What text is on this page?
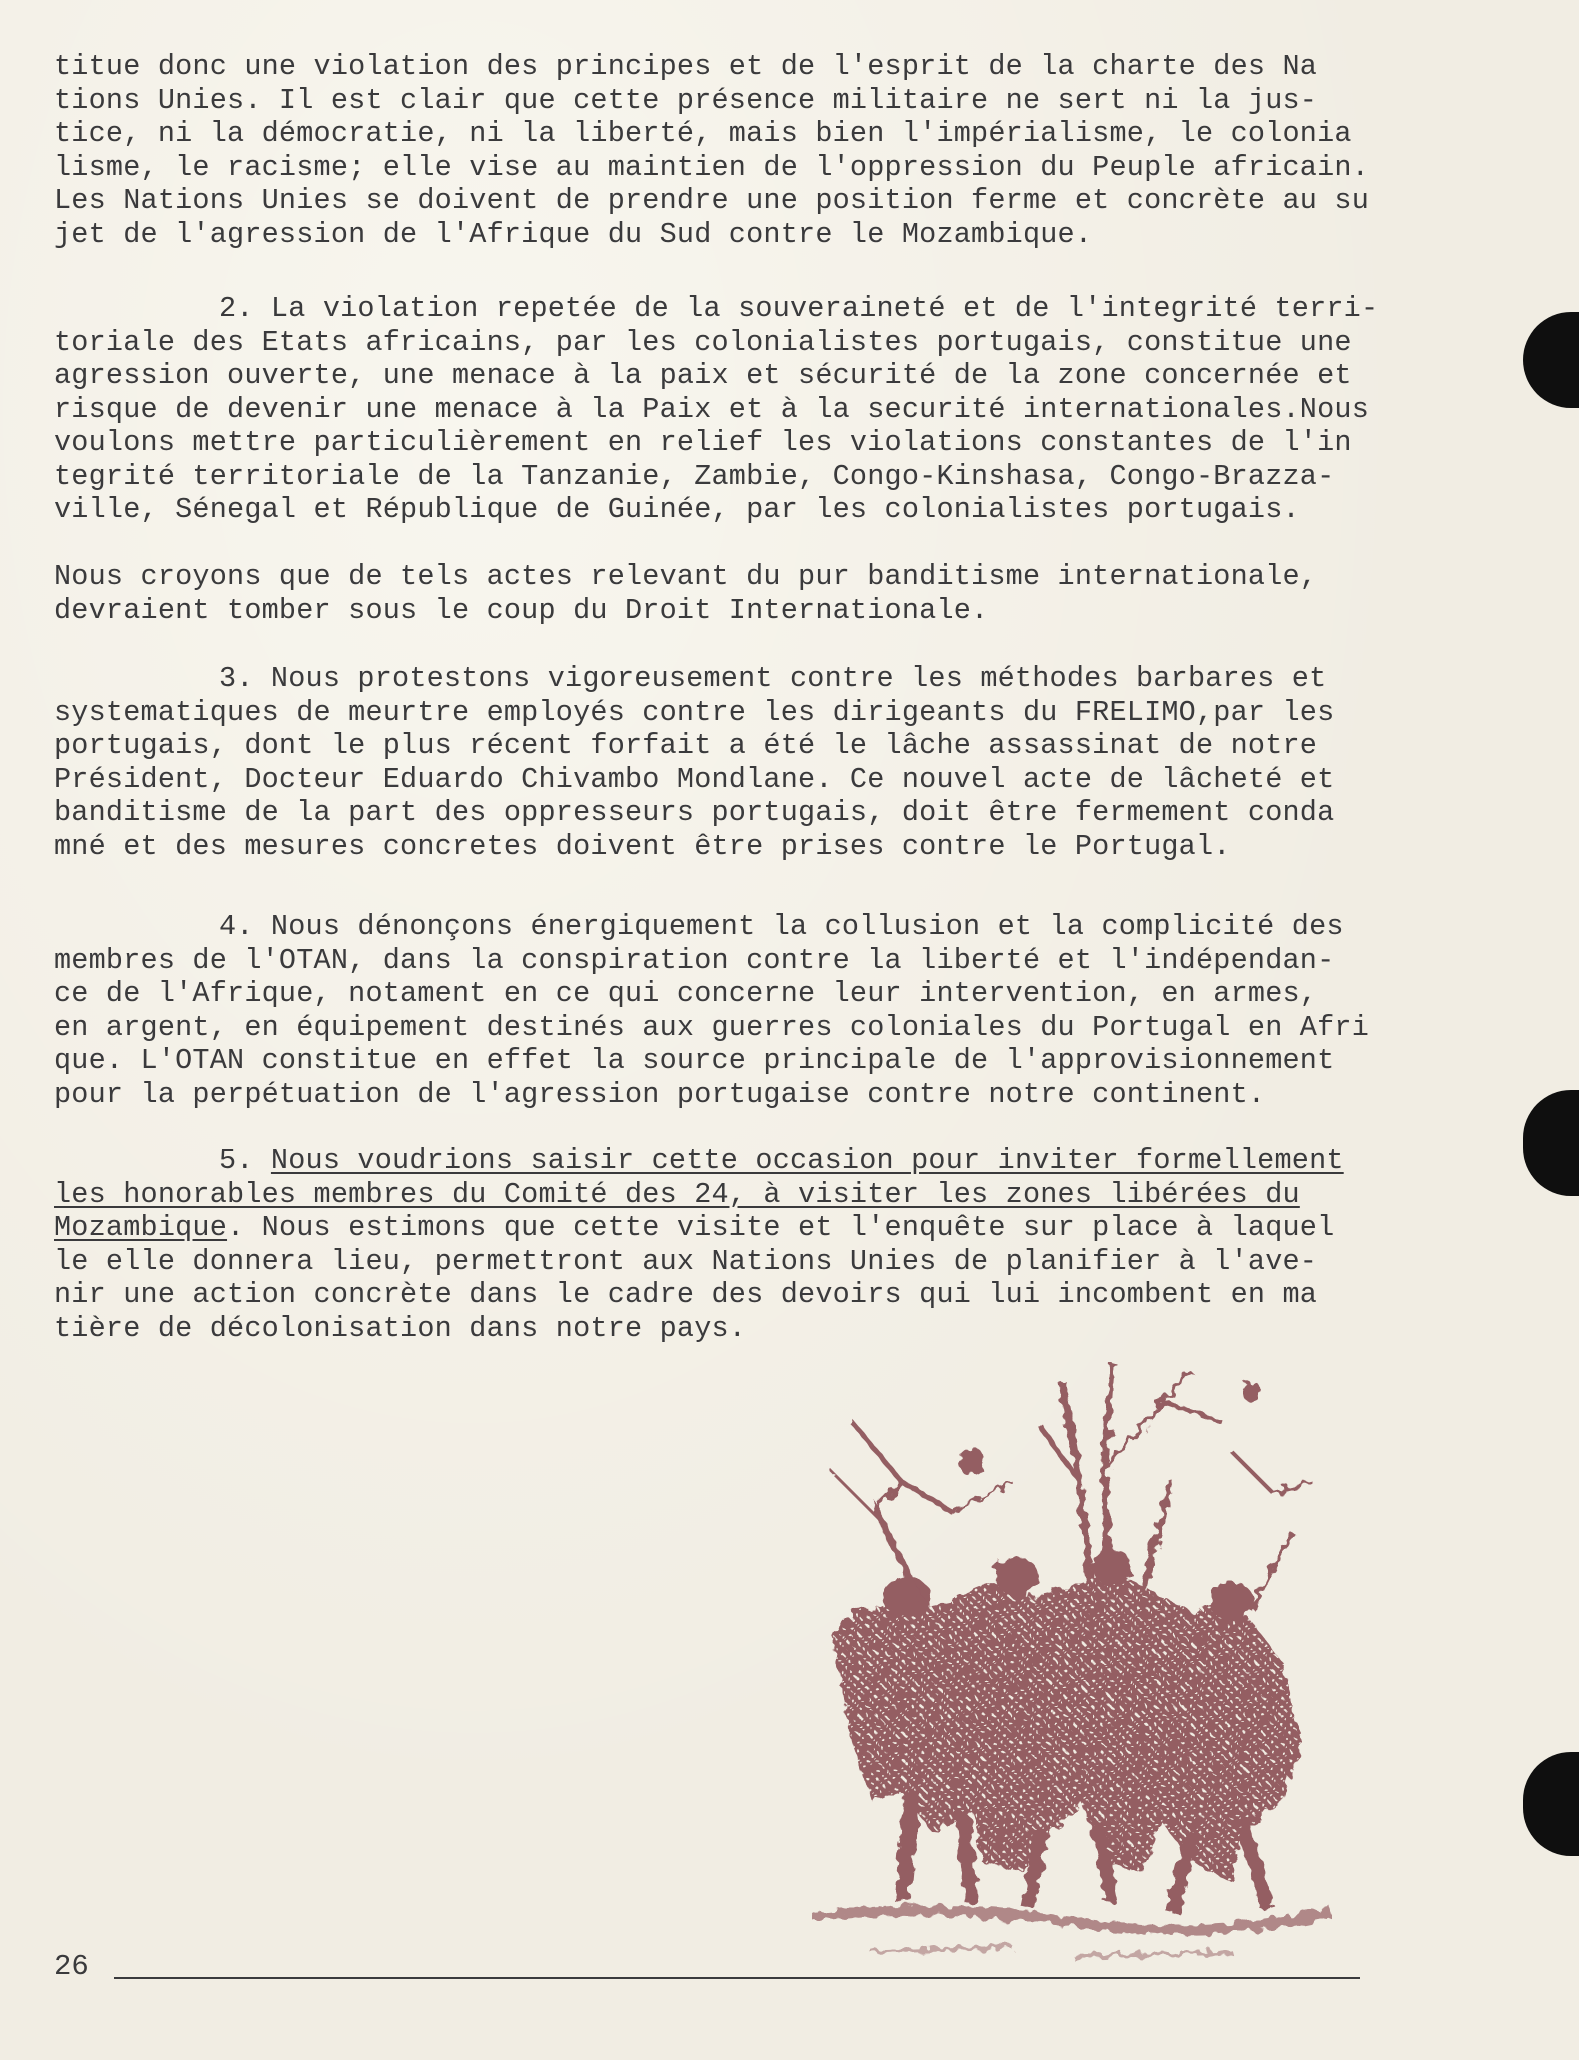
titue donc une violation des principes et de l'esprit de la charte des Na
tions Unies. Il est clair que cette présence militaire ne sert ni la jus-
tice, ni la démocratie, ni la liberté, mais bien l'impérialisme, le colonia
lisme, le racisme; elle vise au maintien de l'oppression du Peuple africain.
Les Nations Unies se doivent de prendre une position ferme et concrète au su
jet de l'agression de l'Afrique du Sud contre le Mozambique.
2. La violation repetée de la souveraineté et de l'integrité terri-
toriale des Etats africains, par les colonialistes portugais, constitue une
agression ouverte, une menace à la paix et sécurité de la zone concernée et
risque de devenir une menace à la Paix et à la securité internationales.Nous
voulons mettre particulièrement en relief les violations constantes de l'in
tegrité territoriale de la Tanzanie, Zambie, Congo-Kinshasa, Congo-Brazza-
ville, Sénegal et République de Guinée, par les colonialistes portugais.
Nous croyons que de tels actes relevant du pur banditisme internationale,
devraient tomber sous le coup du Droit Internationale.
3. Nous protestons vigoreusement contre les méthodes barbares et
systematiques de meurtre employés contre les dirigeants du FRELIMO,par les
portugais, dont le plus récent forfait a été le lâche assassinat de notre
Président, Docteur Eduardo Chivambo Mondlane. Ce nouvel acte de lâcheté et
banditisme de la part des oppresseurs portugais, doit être fermement conda
mné et des mesures concretes doivent être prises contre le Portugal.
4. Nous dénonçons énergiquement la collusion et la complicité des
membres de l'OTAN, dans la conspiration contre la liberté et l'indépendan-
ce de l'Afrique, notament en ce qui concerne leur intervention, en armes,
en argent, en équipement destinés aux guerres coloniales du Portugal en Afri
que. L'OTAN constitue en effet la source principale de l'approvisionnement
pour la perpétuation de l'agression portugaise contre notre continent.
5. Nous voudrions saisir cette occasion pour inviter formellement
les honorables membres du Comité des 24, à visiter les zones libérées du
Mozambique. Nous estimons que cette visite et l'enquête sur place à laquel
le elle donnera lieu, permettront aux Nations Unies de planifier à l'ave-
nir une action concrète dans le cadre des devoirs qui lui incombent en ma
tière de décolonisation dans notre pays.
26
